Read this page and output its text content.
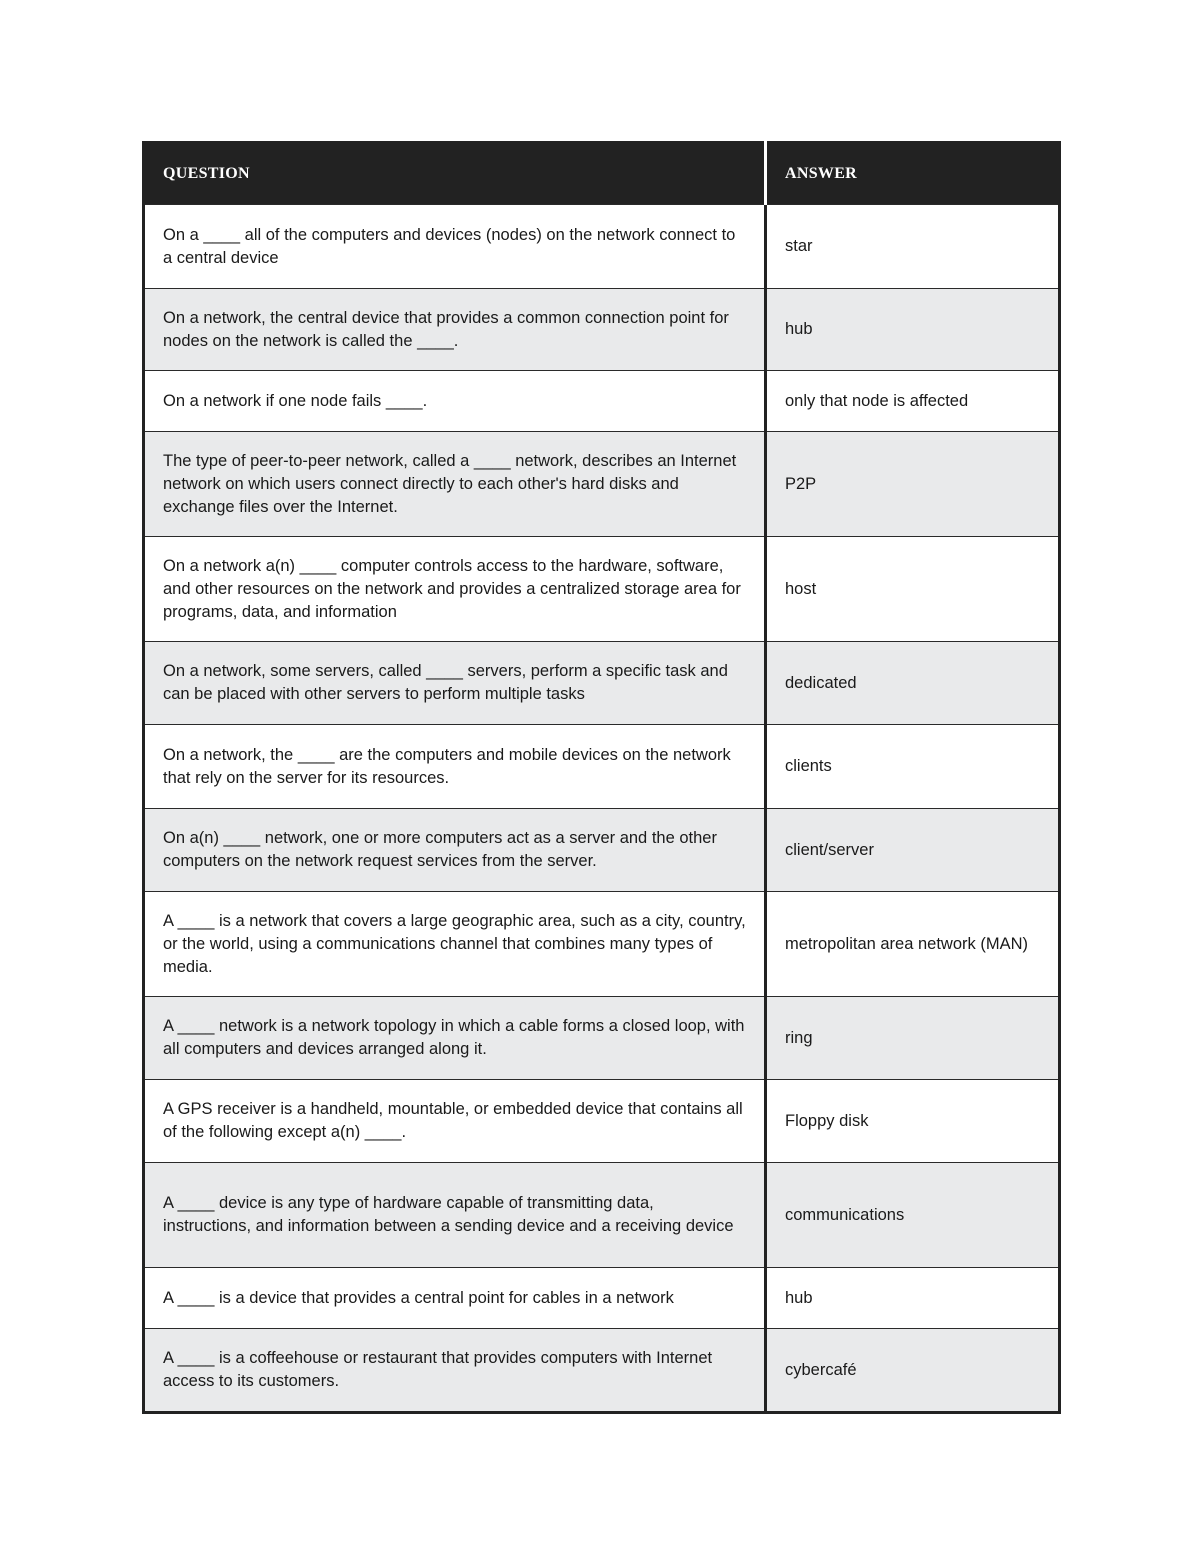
QUESTION	ANSWER
On a ____ all of the computers and devices (nodes) on the network connect to a central device	star
On a network, the central device that provides a common connection point for nodes on the network is called the ____.	hub
On a network if one node fails ____.	only that node is affected
The type of peer-to-peer network, called a ____ network, describes an Internet network on which users connect directly to each other's hard disks and exchange files over the Internet.	P2P
On a network a(n) ____ computer controls access to the hardware, software, and other resources on the network and provides a centralized storage area for programs, data, and information	host
On a network, some servers, called ____ servers, perform a specific task and can be placed with other servers to perform multiple tasks	dedicated
On a network, the ____ are the computers and mobile devices on the network that rely on the server for its resources.	clients
On a(n) ____ network, one or more computers act as a server and the other computers on the network request services from the server.	client/server
A ____ is a network that covers a large geographic area, such as a city, country, or the world, using a communications channel that combines many types of media.	metropolitan area network (MAN)
A ____ network is a network topology in which a cable forms a closed loop, with all computers and devices arranged along it.	ring
A GPS receiver is a handheld, mountable, or embedded device that contains all of the following except a(n) ____.	Floppy disk
A ____ device is any type of hardware capable of transmitting data, instructions, and information between a sending device and a receiving device	communications
A ____ is a device that provides a central point for cables in a network	hub
A ____ is a coffeehouse or restaurant that provides computers with Internet access to its customers.	cybercafé
